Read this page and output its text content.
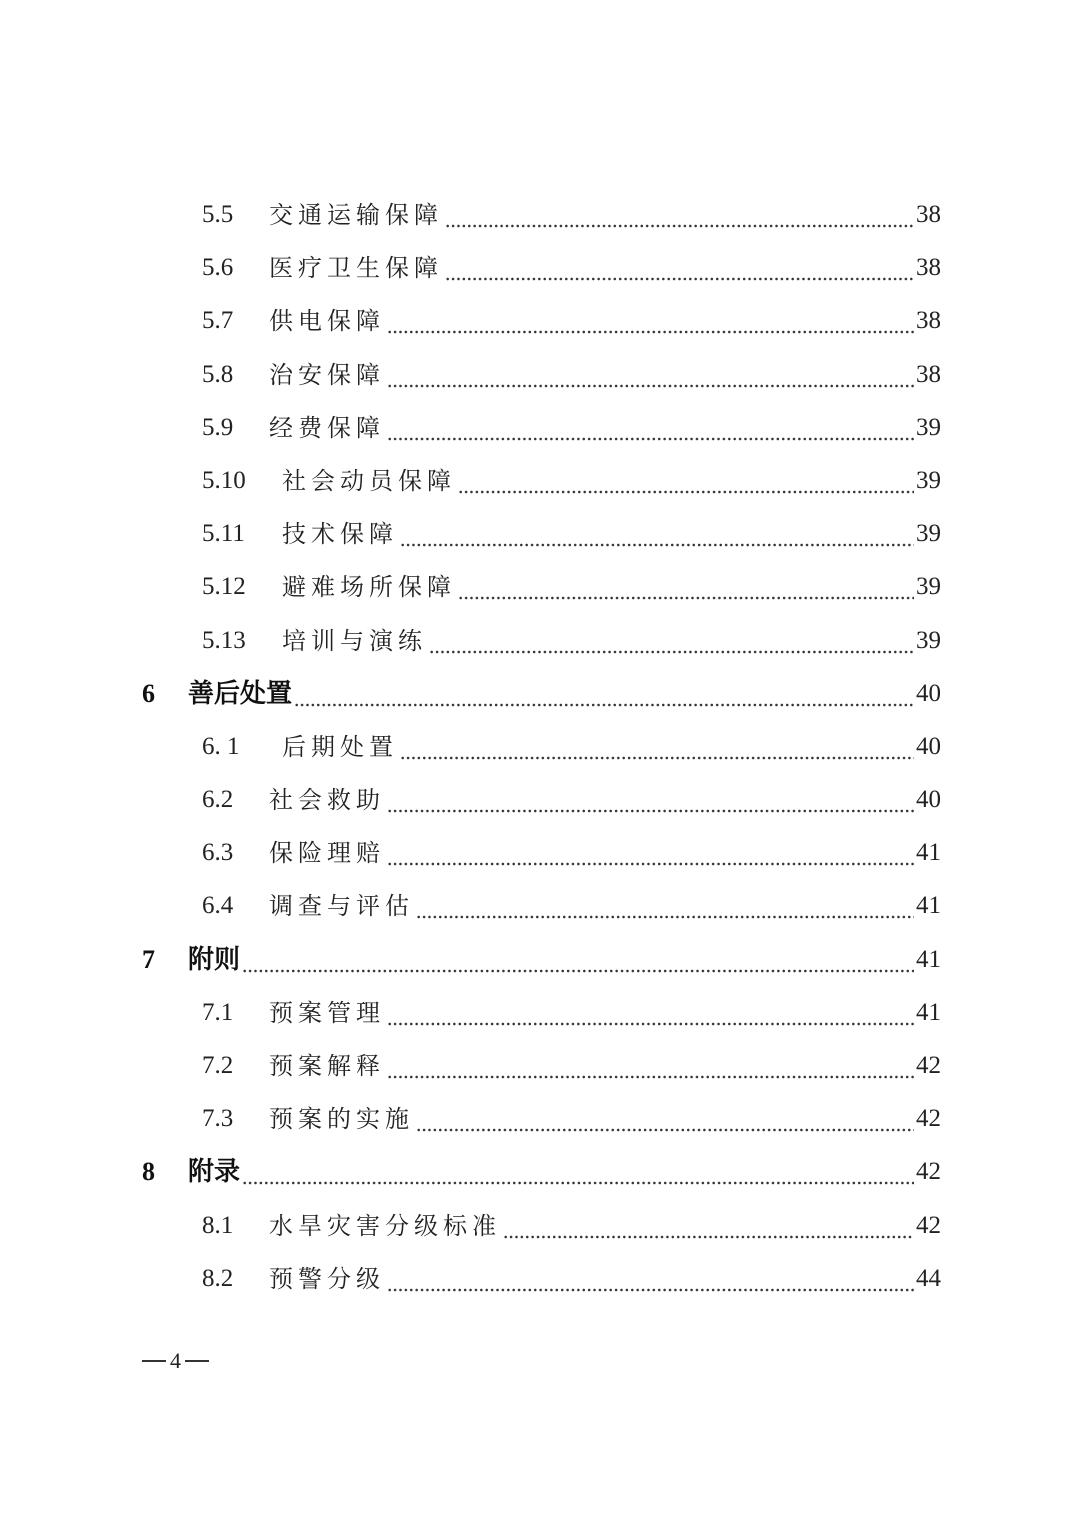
5.5	交通运输保障	38
5.6	医疗卫生保障	38
5.7	供电保障	38
5.8	治安保障	38
5.9	经费保障	39
5.10	社会动员保障	39
5.11	技术保障	39
5.12	避难场所保障	39
5.13	培训与演练	39
6	善后处置	40
6. 1	后期处置	40
6.2	社会救助	40
6.3	保险理赔	41
6.4	调查与评估	41
7	附则	41
7.1	预案管理	41
7.2	预案解释	42
7.3	预案的实施	42
8	附录	42
8.1	水旱灾害分级标准	42
8.2	预警分级	44
4
